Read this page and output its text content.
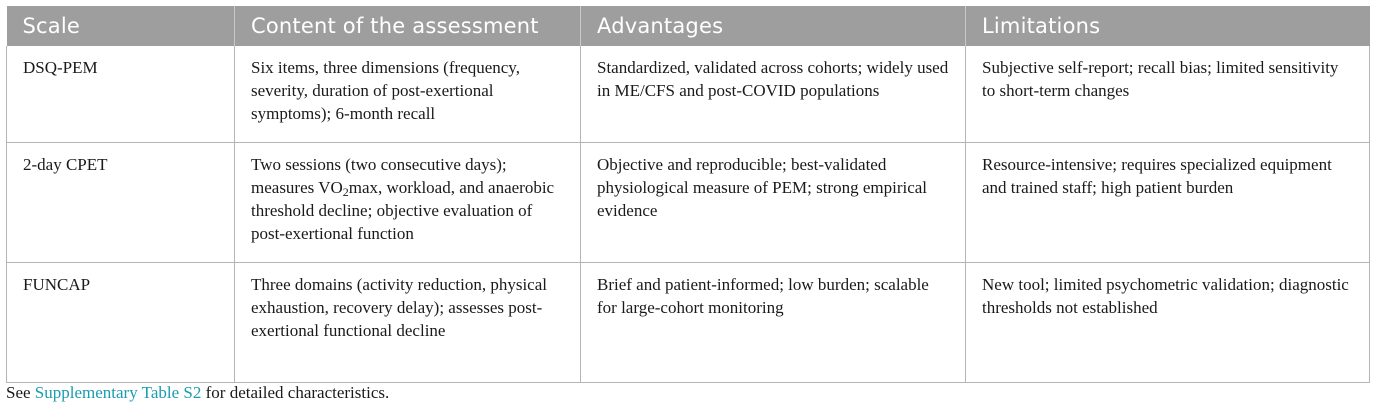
Scale	Content of the assessment	Advantages	Limitations
DSQ-PEM	Six items, three dimensions (frequency, severity, duration of post-exertional symptoms); 6-month recall	Standardized, validated across cohorts; widely used in ME/CFS and post-COVID populations	Subjective self-report; recall bias; limited sensitivity to short-term changes
2-day CPET	Two sessions (two consecutive days); measures $VO_2\max$, workload, and anaerobic threshold decline; objective evaluation of post-exertional function	Objective and reproducible; best-validated physiological measure of PEM; strong empirical evidence	Resource-intensive; requires specialized equipment and trained staff; high patient burden
FUNCAP	Three domains (activity reduction, physical exhaustion, recovery delay); assesses post-exertional functional decline	Brief and patient-informed; low burden; scalable for large-cohort monitoring	New tool; limited psychometric validation; diagnostic thresholds not established
See Supplementary Table S2 for detailed characteristics.
